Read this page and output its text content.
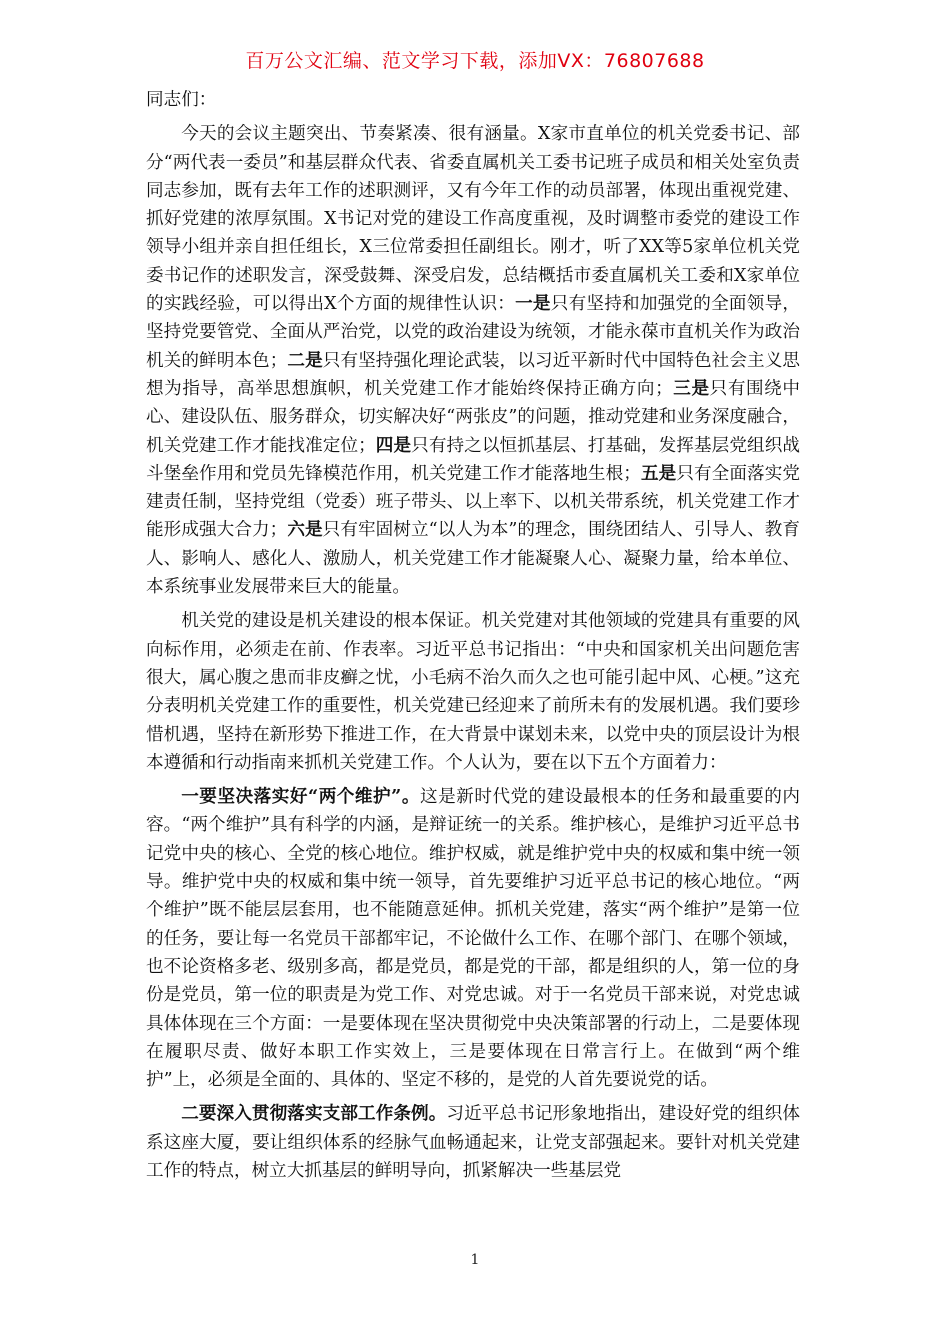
百万公文汇编、范文学习下载，添加VX：76807688

同志们：

今天的会议主题突出、节奏紧凑、很有涵量。X家市直单位的机关党委书记、部分“两代表一委员”和基层群众代表、省委直属机关工委书记班子成员和相关处室负责同志参加，既有去年工作的述职测评，又有今年工作的动员部署，体现出重视党建、抓好党建的浓厚氛围。X书记对党的建设工作高度重视，及时调整市委党的建设工作领导小组并亲自担任组长，X三位常委担任副组长。刚才，听了XX等5家单位机关党委书记作的述职发言，深受鼓舞、深受启发，总结概括市委直属机关工委和X家单位的实践经验，可以得出X个方面的规律性认识：一是只有坚持和加强党的全面领导，坚持党要管党、全面从严治党，以党的政治建设为统领，才能永葆市直机关作为政治机关的鲜明本色；二是只有坚持强化理论武装，以习近平新时代中国特色社会主义思想为指导，高举思想旗帜，机关党建工作才能始终保持正确方向；三是只有围绕中心、建设队伍、服务群众，切实解决好“两张皮”的问题，推动党建和业务深度融合，机关党建工作才能找准定位；四是只有持之以恒抓基层、打基础，发挥基层党组织战斗堡垒作用和党员先锋模范作用，机关党建工作才能落地生根；五是只有全面落实党建责任制，坚持党组（党委）班子带头、以上率下、以机关带系统，机关党建工作才能形成强大合力；六是只有牢固树立“以人为本”的理念，围绕团结人、引导人、教育人、影响人、感化人、激励人，机关党建工作才能凝聚人心、凝聚力量，给本单位、本系统事业发展带来巨大的能量。

机关党的建设是机关建设的根本保证。机关党建对其他领域的党建具有重要的风向标作用，必须走在前、作表率。习近平总书记指出：“中央和国家机关出问题危害很大，属心腹之患而非皮癣之忧，小毛病不治久而久之也可能引起中风、心梗。”这充分表明机关党建工作的重要性，机关党建已经迎来了前所未有的发展机遇。我们要珍惜机遇，坚持在新形势下推进工作，在大背景中谋划未来，以党中央的顶层设计为根本遵循和行动指南来抓机关党建工作。个人认为，要在以下五个方面着力：

一要坚决落实好“两个维护”。这是新时代党的建设最根本的任务和最重要的内容。“两个维护”具有科学的内涵，是辩证统一的关系。维护核心，是维护习近平总书记党中央的核心、全党的核心地位。维护权威，就是维护党中央的权威和集中统一领导。维护党中央的权威和集中统一领导，首先要维护习近平总书记的核心地位。“两个维护”既不能层层套用，也不能随意延伸。抓机关党建，落实“两个维护”是第一位的任务，要让每一名党员干部都牢记，不论做什么工作、在哪个部门、在哪个领域，也不论资格多老、级别多高，都是党员，都是党的干部，都是组织的人，第一位的身份是党员，第一位的职责是为党工作、对党忠诚。对于一名党员干部来说，对党忠诚具体体现在三个方面：一是要体现在坚决贯彻党中央决策部署的行动上，二是要体现在履职尽责、做好本职工作实效上，三是要体现在日常言行上。在做到“两个维护”上，必须是全面的、具体的、坚定不移的，是党的人首先要说党的话。

二要深入贯彻落实支部工作条例。习近平总书记形象地指出，建设好党的组织体系这座大厦，要让组织体系的经脉气血畅通起来，让党支部强起来。要针对机关党建工作的特点，树立大抓基层的鲜明导向，抓紧解决一些基层党

1
